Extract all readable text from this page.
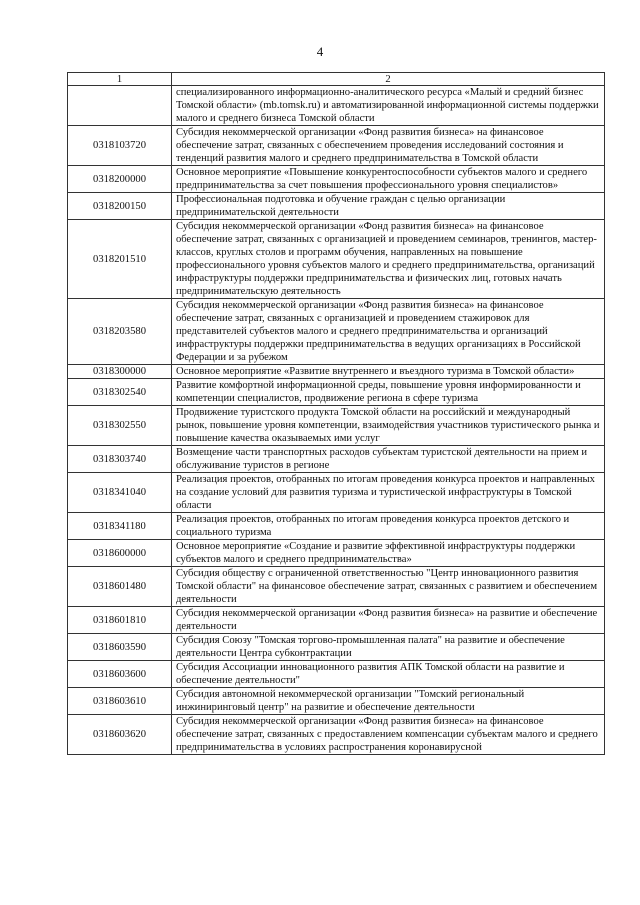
4
1	2
	специализированного информационно-аналитического ресурса «Малый и средний бизнес Томской области» (mb.tomsk.ru) и автоматизированной информационной системы поддержки малого и среднего бизнеса Томской области
0318103720	Субсидия некоммерческой организации «Фонд развития бизнеса» на финансовое обеспечение затрат, связанных с обеспечением проведения исследований состояния и тенденций развития малого и среднего предпринимательства в Томской области
0318200000	Основное мероприятие «Повышение конкурентоспособности субъектов малого и среднего предпринимательства за счет повышения профессионального уровня специалистов»
0318200150	Профессиональная подготовка и обучение граждан с целью организации предпринимательской деятельности
0318201510	Субсидия некоммерческой организации «Фонд развития бизнеса» на финансовое обеспечение затрат, связанных с организацией и проведением семинаров, тренингов, мастер-классов, круглых столов и программ обучения, направленных на повышение профессионального уровня субъектов малого и среднего предпринимательства, организаций инфраструктуры поддержки предпринимательства и физических лиц, готовых начать предпринимательскую деятельность
0318203580	Субсидия некоммерческой организации «Фонд развития бизнеса» на финансовое обеспечение затрат, связанных с организацией и проведением стажировок для представителей субъектов малого и среднего предпринимательства и организаций инфраструктуры поддержки предпринимательства в ведущих организациях в Российской Федерации и за рубежом
0318300000	Основное мероприятие «Развитие внутреннего и въездного туризма в Томской области»
0318302540	Развитие комфортной информационной среды, повышение уровня информированности и компетенции специалистов, продвижение региона в сфере туризма
0318302550	Продвижение туристского продукта Томской области на российский и международный рынок, повышение уровня компетенции, взаимодействия участников туристического рынка и повышение качества оказываемых ими услуг
0318303740	Возмещение части транспортных расходов субъектам туристской деятельности на прием и обслуживание туристов в регионе
0318341040	Реализация проектов, отобранных по итогам проведения конкурса проектов и направленных на создание условий для развития туризма и туристической инфраструктуры в Томской области
0318341180	Реализация проектов, отобранных по итогам проведения конкурса проектов детского и социального туризма
0318600000	Основное мероприятие «Создание и развитие эффективной инфраструктуры поддержки субъектов малого и среднего предпринимательства»
0318601480	Субсидия обществу с ограниченной ответственностью "Центр инновационного развития Томской области" на финансовое обеспечение затрат, связанных с развитием и обеспечением деятельности
0318601810	Субсидия некоммерческой организации «Фонд развития бизнеса» на развитие и обеспечение деятельности
0318603590	Субсидия Союзу "Томская торгово-промышленная палата" на развитие и обеспечение деятельности Центра субконтрактации
0318603600	Субсидия Ассоциации инновационного развития АПК Томской области на развитие и обеспечение деятельности"
0318603610	Субсидия автономной некоммерческой организации "Томский региональный инжиниринговый центр" на развитие и обеспечение деятельности
0318603620	Субсидия некоммерческой организации «Фонд развития бизнеса» на финансовое обеспечение затрат, связанных с предоставлением компенсации субъектам малого и среднего предпринимательства в условиях распространения коронавирусной
